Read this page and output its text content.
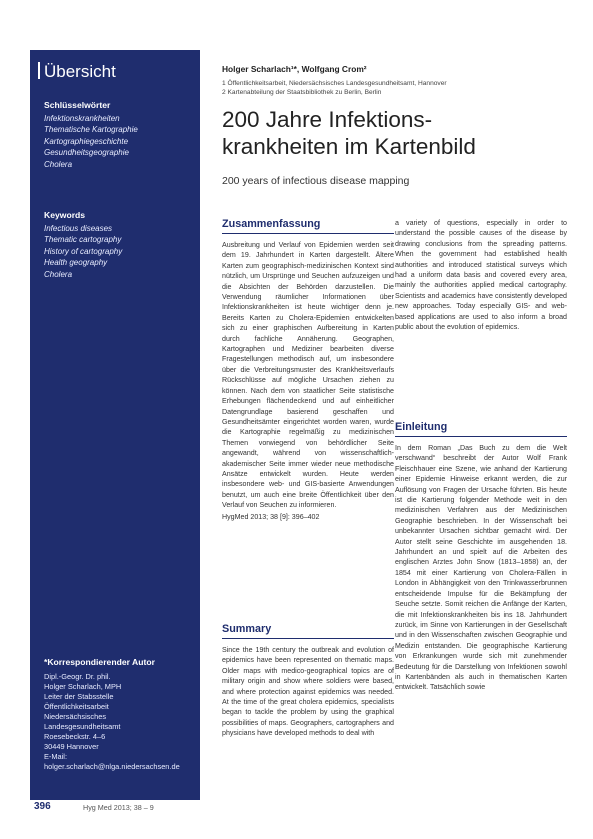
Übersicht
Schlüsselwörter
Infektionskrankheiten
Thematische Kartographie
Kartographiegeschichte
Gesundheitsgeographie
Cholera
Keywords
Infectious diseases
Thematic cartography
History of cartography
Health geography
Cholera
*Korrespondierender Autor
Dipl.-Geogr. Dr. phil.
Holger Scharlach, MPH
Leiter der Stabsstelle
Öffentlichkeitsarbeit
Niedersächsisches
Landesgesundheitsamt
Roesebeckstr. 4–6
30449 Hannover
E-Mail:
holger.scharlach@nlga.niedersachsen.de
Holger Scharlach¹*, Wolfgang Crom²
1 Öffentlichkeitsarbeit, Niedersächsisches Landesgesundheitsamt, Hannover
2 Kartenabteilung der Staatsbibliothek zu Berlin, Berlin
200 Jahre Infektions-
krankheiten im Kartenbild
200 years of infectious disease mapping
Zusammenfassung
Ausbreitung und Verlauf von Epidemien werden seit dem 19. Jahrhundert in Karten dargestellt. Ältere Karten zum geographisch-medizinischen Kontext sind nützlich, um Ursprünge und Seuchen aufzuzeigen und die Absichten der Behörden darzustellen. Die Verwendung räumlicher Informationen über Infektionskrankheiten ist heute wichtiger denn je. Bereits Karten zu Cholera-Epidemien entwickelten sich zu einer graphischen Aufbereitung in Karten durch fachliche Annäherung. Geographen, Kartographen und Mediziner bearbeiten diverse Fragestellungen methodisch auf, um insbesondere über die Verbreitungsmuster des Krankheitsverlaufs Rückschlüsse auf mögliche Ursachen ziehen zu können. Nach dem von staatlicher Seite statistische Erhebungen flächendeckend und auf einheitlicher Datengrundlage basierend geschaffen und Gesundheitsämter eingerichtet worden waren, wurde die Kartographie regelmäßig zu medizinischen Themen vorwiegend von behördlicher Seite angewandt, während von wissenschaftlich-akademischer Seite immer wieder neue methodische Ansätze entwickelt wurden. Heute werden insbesondere web- und GIS-basierte Anwendungen benutzt, um auch eine breite Öffentlichkeit über den Verlauf von Seuchen zu informieren.
HygMed 2013; 38 [9]: 396–402
Summary
Since the 19th century the outbreak and evolution of epidemics have been represented on thematic maps. Older maps with medico-geographical topics are of military origin and show where soldiers were based, and where protection against epidemics was needed. At the time of the great cholera epidemics, specialists began to tackle the problem by using the graphical possibilities of maps. Geographers, cartographers and physicians have developed methods to deal with
a variety of questions, especially in order to understand the possible causes of the disease by drawing conclusions from the spreading patterns. When the government had established health authorities and introduced statistical surveys which had a uniform data basis and covered every area, mainly the authorities applied medical cartography. Scientists and academics have consistently developed new approaches. Today especially GIS- and web-based applications are used to also inform a broad public about the evolution of epidemics.
Einleitung
In dem Roman „Das Buch zu dem die Welt verschwand“ beschreibt der Autor Wolf Frank Fleischhauer eine Szene, wie anhand der Kartierung einer Epidemie Hinweise erkannt werden, die zur Auflösung von Fragen der Ursache führten. Bis heute ist die Kartierung folgender Methode weit in den medizinischen Verfahren aus der Medizinischen Geographie beschrieben. In der Wissenschaft bei unbekannter Ursachen sichtbar gemacht wird. Der Autor stellt seine Geschichte im ausgehenden 18. Jahrhundert an und spielt auf die Arbeiten des englischen Arztes John Snow (1813–1858) an, der 1854 mit einer Kartierung von Cholera-Fällen in London in Abhängigkeit von den Trinkwasserbrunnen entscheidende Impulse für die Bekämpfung der Seuche setzte. Somit reichen die Anfänge der Karten, die mit Infektionskrankheiten bis ins 18. Jahrhundert zurück, im Sinne von Kartierungen in der Gesellschaft und in den Wissenschaften zwischen Geographie und Medizin entstanden. Die geographische Kartierung von Erkrankungen wurde sich mit zunehmender Bedeutung für die Darstellung von Infektionen sowohl in Kartenbänden als auch in thematischen Karten entwickelt. Tatsächlich sowie
396	Hyg Med 2013; 38 – 9
